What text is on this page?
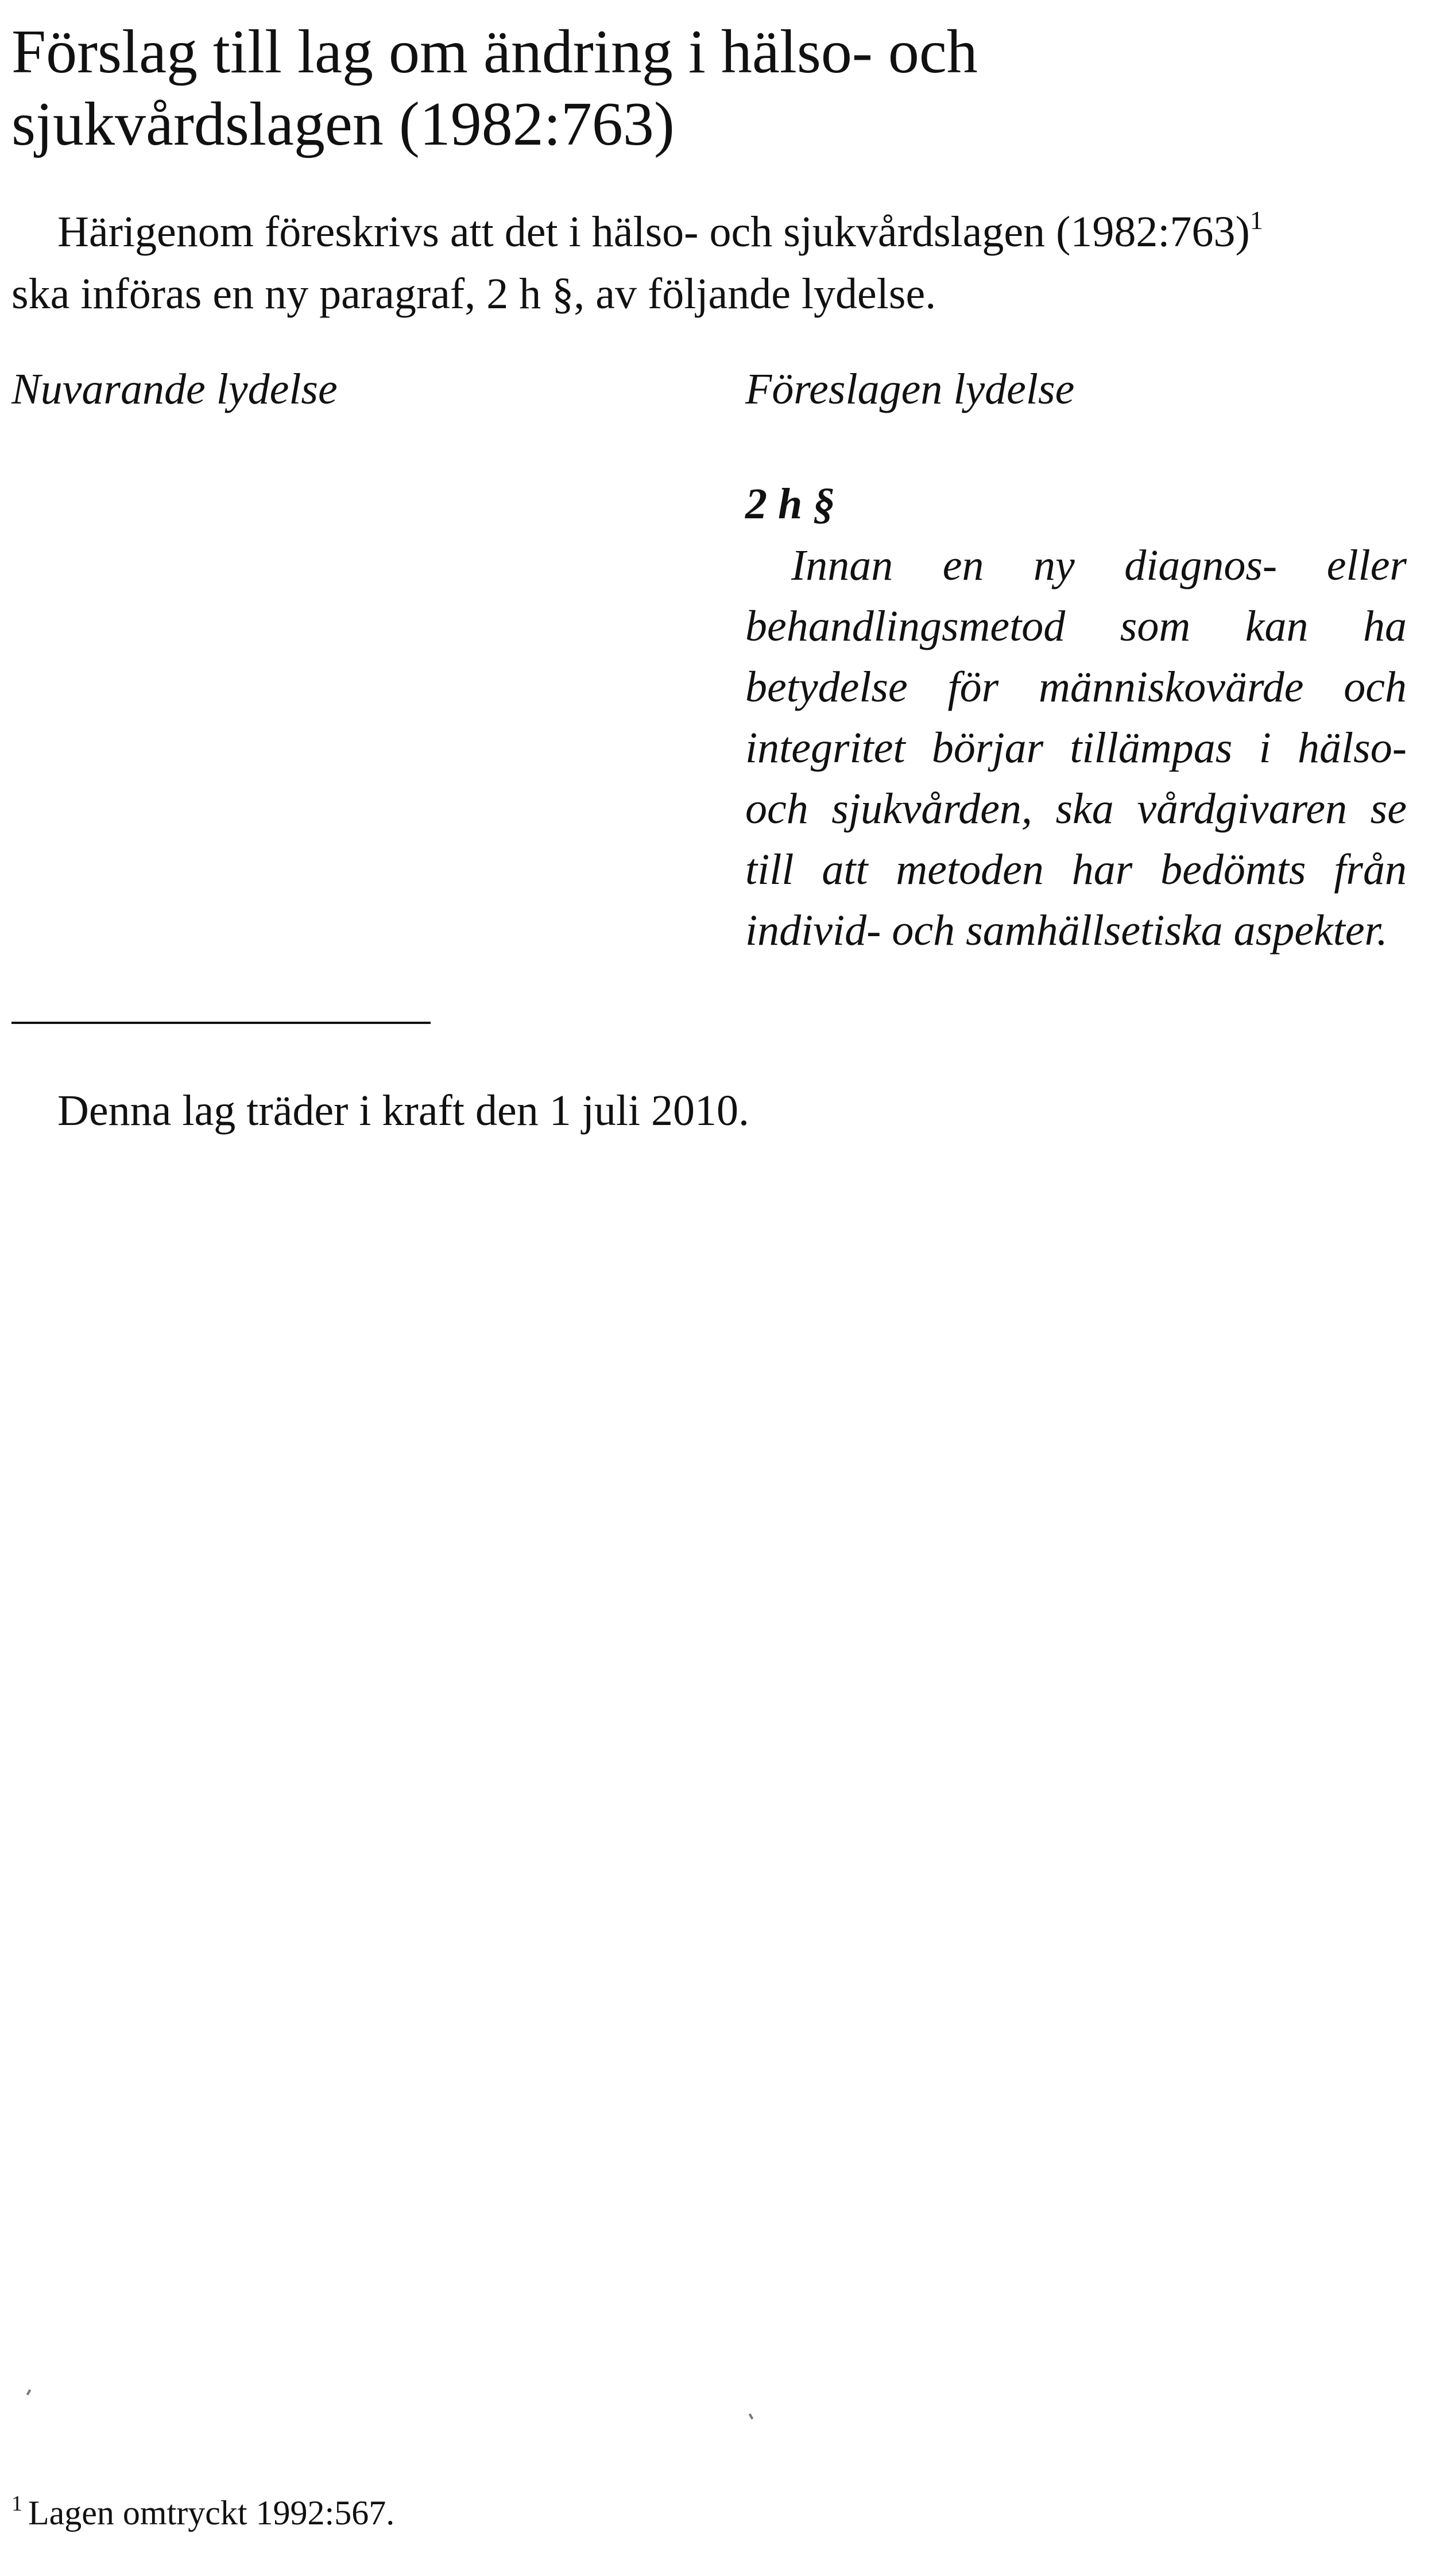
Förslag till lag om ändring i hälso- och
sjukvårdslagen (1982:763)
Härigenom föreskrivs att det i hälso- och sjukvårdslagen (1982:763)$^1$
ska införas en ny paragraf, 2 h §, av följande lydelse.
Nuvarande lydelse	Föreslagen lydelse
2 h §
Innan en ny diagnos- eller behandlingsmetod som kan ha betydelse för människovärde och integritet börjar tillämpas i hälso- och sjukvården, ska vårdgivaren se till att metoden har bedömts från individ- och samhällsetiska aspekter.
Denna lag träder i kraft den 1 juli 2010.
$^1$ Lagen omtryckt 1992:567.
